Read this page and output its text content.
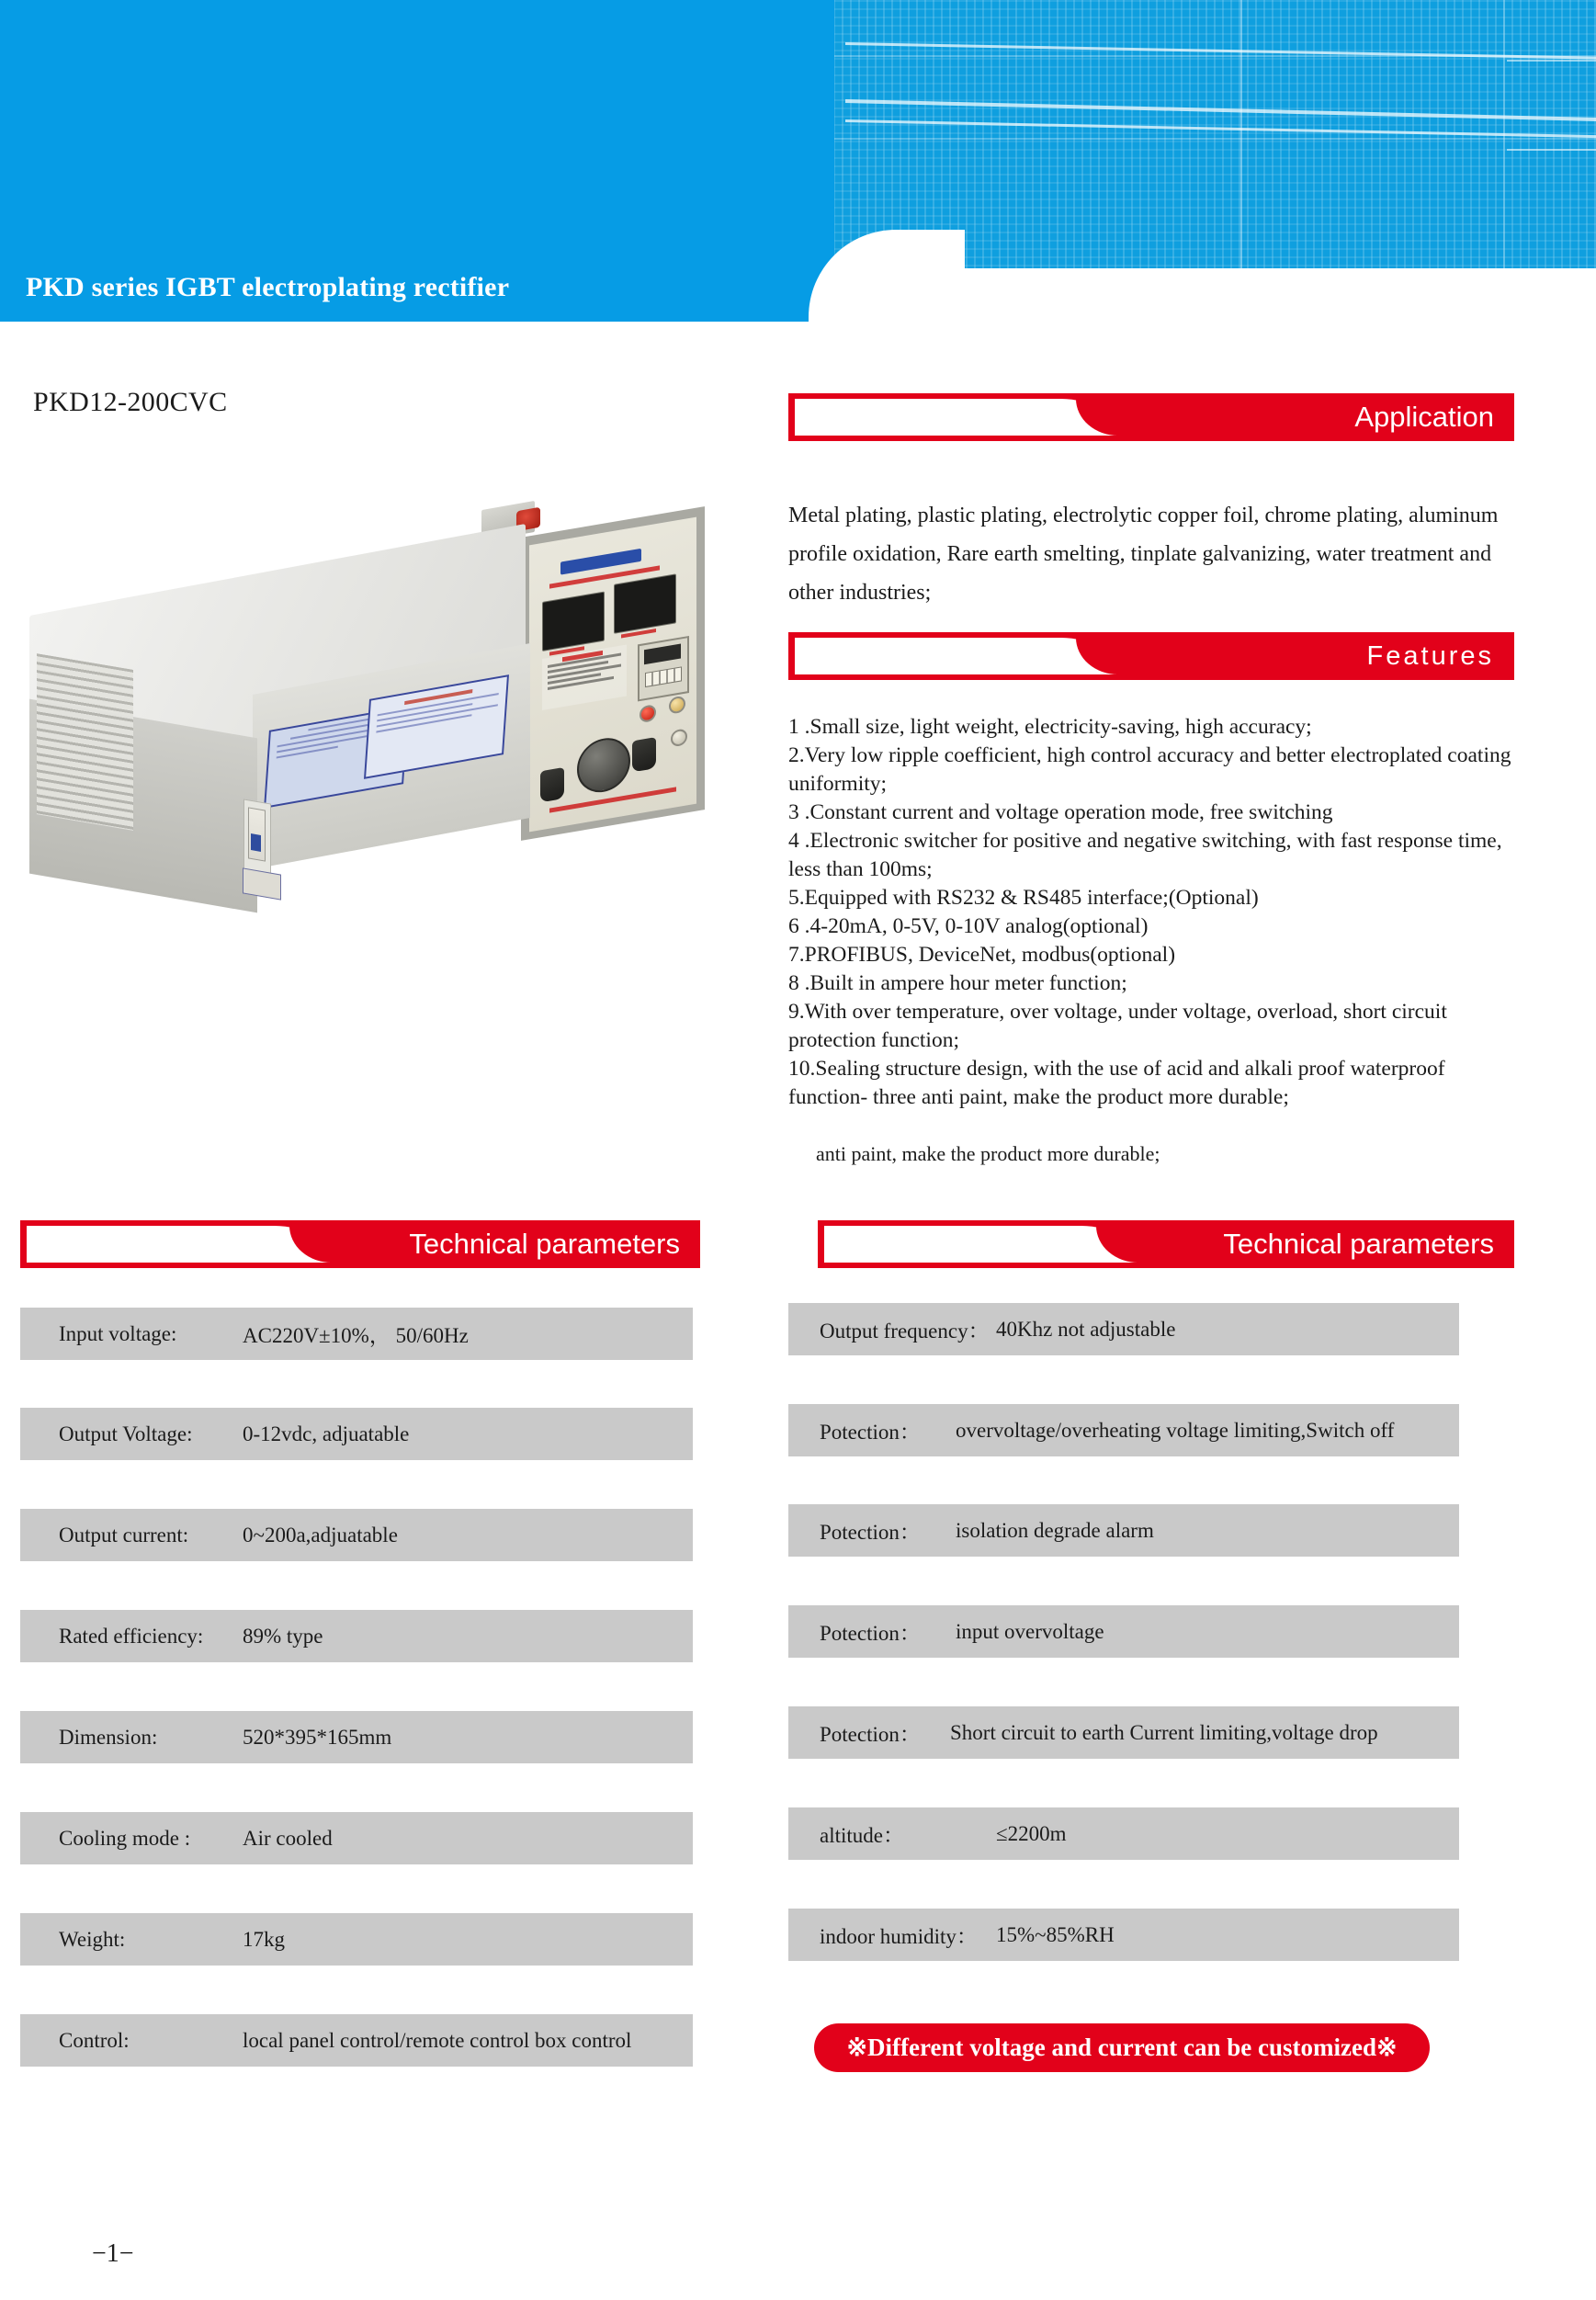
PKD series IGBT electroplating rectifier
PKD12-200CVC	Application
Metal plating, plastic plating, electrolytic copper foil, chrome plating, aluminum profile oxidation, Rare earth smelting, tinplate galvanizing, water treatment and other industries;
Features
1 .Small size, light weight, electricity-saving, high accuracy;
2.Very low ripple coefficient, high control accuracy and better electroplated coating uniformity;
3 .Constant current and voltage operation mode, free switching
4 .Electronic switcher for positive and negative switching, with fast response time, less than 100ms;
5.Equipped with RS232 & RS485 interface;(Optional)
6 .4-20mA, 0-5V, 0-10V analog(optional)
7.PROFIBUS, DeviceNet, modbus(optional)
8 .Built in ampere hour meter function;
9.With over temperature, over voltage, under voltage, overload, short circuit protection function;
10.Sealing structure design, with the use of acid and alkali proof waterproof function- three anti paint, make the product more durable;
anti paint, make the product more durable;
Technical parameters
Input voltage:	AC220V±10%， 50/60Hz
Output Voltage:	0-12vdc, adjuatable
Output current:	0~200a,adjuatable
Rated efficiency:	89% type
Dimension:	520*395*165mm
Cooling mode :	Air cooled
Weight:	17kg
Control:	local panel control/remote control box control
Technical parameters
Output frequency： 40Khz not adjustable
Potection：	overvoltage/overheating voltage limiting,Switch off
Potection：	isolation degrade alarm
Potection：	input overvoltage
Potection：	Short circuit to earth Current limiting,voltage drop
altitude：	≤2200m
indoor humidity： 15%~85%RH
※Different voltage and current can be customized※
−1−
